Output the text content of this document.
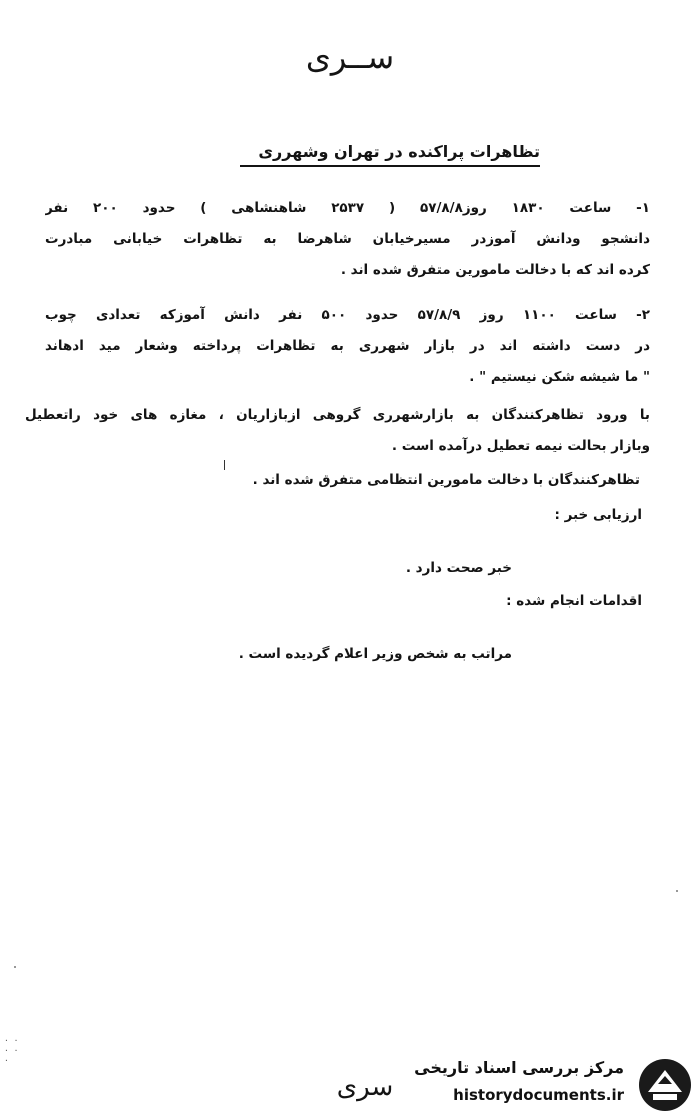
ســرى
تظاهرات پراکنده در تهران وشهرری
۱- ساعت ۱۸۳۰ روز۵۷/۸/۸ ( ۲۵۳۷ شاهنشاهی ) حدود ۲۰۰ نفر
دانشجو ودانش آموزدر مسیرخیابان شاهرضا به تظاهرات خیابانی مبادرت
کرده اند که با دخالت مامورین متفرق شده اند .
۲- ساعت ۱۱۰۰ روز ۵۷/۸/۹ حدود ۵۰۰ نفر دانش آموزکه تعدادی چوب
در دست داشته اند در بازار شهرری به تظاهرات پرداخته وشعار مید ادهاند
" ما شیشه شکن نیستیم " .
با ورود تظاهرکنندگان به بازارشهرری گروهی ازبازاریان ، مغازه های خود راتعطیل
وبازار بحالت نیمه تعطیل درآمده است .
تظاهرکنندگان با دخالت مامورین انتظامی متفرق شده اند .
ارزیابی خبر :
خبر صحت دارد .
اقدامات انجام شده :
مراتب به شخص وزیر اعلام گردیده است .
· ·
· ·
·
سرى
مرکز بررسی اسناد تاریخی
historydocuments.ir
